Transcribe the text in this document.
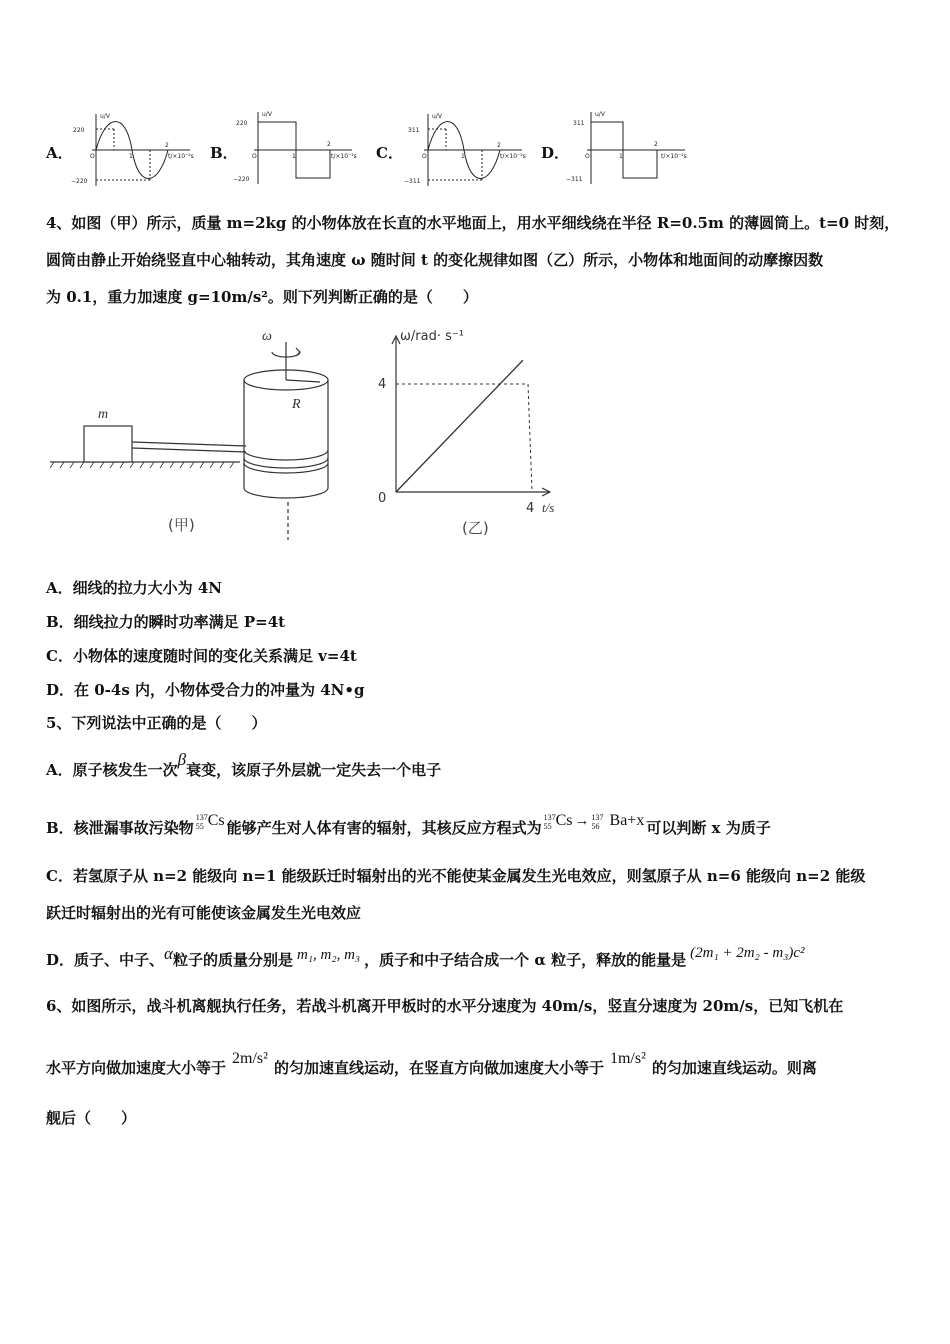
A．
u/V
220
−220
O	1
2
t/×10⁻²s B．
u/V
220
−220
O	1
2
t/×10⁻²s C．
u/V
311
−311
O	1
2
t/×10⁻²s D．
u/V
311
−311
O	1
2
t/×10⁻²s
4、如图（甲）所示，质量 m=2kg 的小物体放在长直的水平地面上，用水平细线绕在半径 R=0.5m 的薄圆筒上。t=0 时刻，
圆筒由静止开始绕竖直中心轴转动，其角速度 ω 随时间 t 的变化规律如图（乙）所示，小物体和地面间的动摩擦因数
为 0.1，重力加速度 g=10m/s²。则下列判断正确的是（　　）
m
R
ω
(甲)
ω/rad· s⁻¹
t/s
4
4
0
(乙)
A．细线的拉力大小为 4N
B．细线拉力的瞬时功率满足 P=4t
C．小物体的速度随时间的变化关系满足 v=4t
D．在 0-4s 内，小物体受合力的冲量为 4N•g
5、下列说法中正确的是（　　）
A．原子核发生一次β衰变，该原子外层就一定失去一个电子
B．核泄漏事故污染物
137
55 Cs 能够产生对人体有害的辐射，其核反应方程式为
137
55 Cs → 137
56 Ba+x 可以判断 x 为质子
C．若氢原子从 n=2 能级向 n=1 能级跃迁时辐射出的光不能使某金属发生光电效应，则氢原子从 n=6 能级向 n=2 能级
跃迁时辐射出的光有可能使该金属发生光电效应
D．质子、中子、α粒子的质量分别是 m₁, m₂, m₃ ，质子和中子结合成一个 α 粒子，释放的能量是 (2m₁ + 2m₂ - m₃)c²
6、如图所示，战斗机离舰执行任务，若战斗机离开甲板时的水平分速度为 40m/s，竖直分速度为 20m/s，已知飞机在
水平方向做加速度大小等于2m/s²的匀加速直线运动，在竖直方向做加速度大小等于1m/s²的匀加速直线运动。则离
舰后（　　）
